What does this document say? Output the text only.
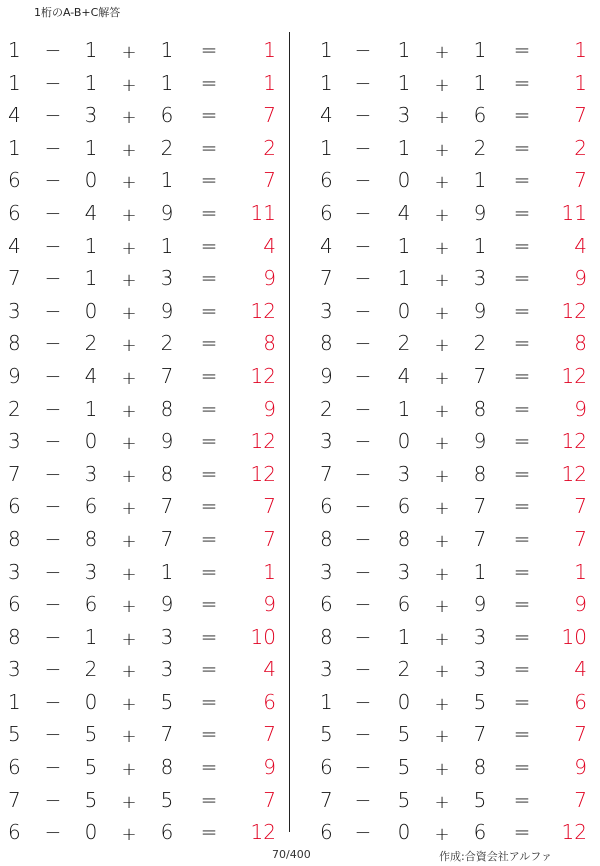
1桁のA-B+C解答
1	− 1 + 1 =	1
1	− 1 + 1 =	1
4	− 3 + 6 =	7
1	− 1 + 2 =	2
6	− 0 + 1 =	7
6	− 4 + 9 =	11
4	− 1 + 1 =	4
7	− 1 + 3 =	9
3	− 0 + 9 =	12
8	− 2 + 2 =	8
9	− 4 + 7 =	12
2	− 1 + 8 =	9
3	− 0 + 9 =	12
7	− 3 + 8 =	12
6	− 6 + 7 =	7
8	− 8 + 7 =	7
3	− 3 + 1 =	1
6	− 6 + 9 =	9
8	− 1 + 3 =	10
3	− 2 + 3 =	4
1	− 0 + 5 =	6
5	− 5 + 7 =	7
6	− 5 + 8 =	9
7	− 5 + 5 =	7
6	− 0 + 6 =	12
1	− 1 + 1 =	1
1	− 1 + 1 =	1
4	− 3 + 6 =	7
1	− 1 + 2 =	2
6	− 0 + 1 =	7
6	− 4 + 9 =	11
4	− 1 + 1 =	4
7	− 1 + 3 =	9
3	− 0 + 9 =	12
8	− 2 + 2 =	8
9	− 4 + 7 =	12
2	− 1 + 8 =	9
3	− 0 + 9 =	12
7	− 3 + 8 =	12
6	− 6 + 7 =	7
8	− 8 + 7 =	7
3	− 3 + 1 =	1
6	− 6 + 9 =	9
8	− 1 + 3 =	10
3	− 2 + 3 =	4
1	− 0 + 5 =	6
5	− 5 + 7 =	7
6	− 5 + 8 =	9
7	− 5 + 5 =	7
6	− 0 + 6 =	12
70/400	作成:合資会社アルファ
